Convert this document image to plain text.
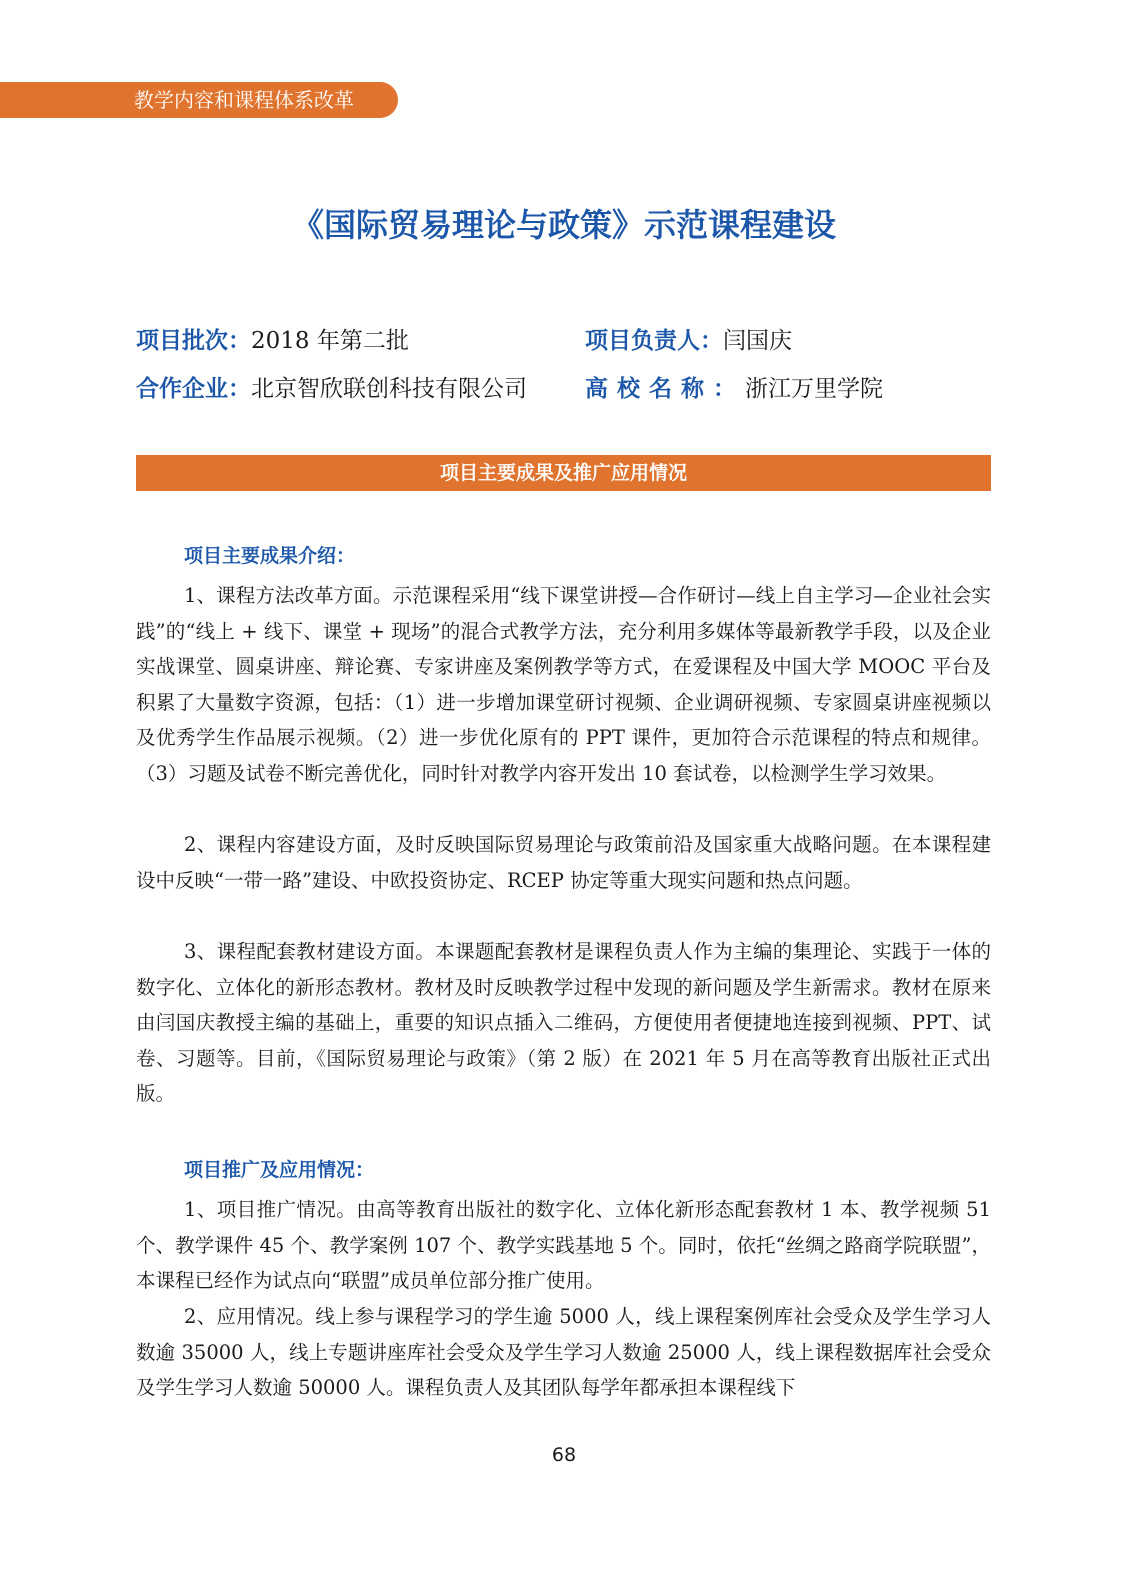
教学内容和课程体系改革
《国际贸易理论与政策》示范课程建设
项目批次：2018 年第二批	项目负责人：闫国庆
合作企业：北京智欣联创科技有限公司	高校名称：浙江万里学院
项目主要成果及推广应用情况
项目主要成果介绍：

1、课程方法改革方面。示范课程采用“线下课堂讲授—合作研讨—线上自主学习—企业社会实践”的“线上 + 线下、课堂 + 现场”的混合式教学方法，充分利用多媒体等最新教学手段，以及企业实战课堂、圆桌讲座、辩论赛、专家讲座及案例教学等方式，在爱课程及中国大学 MOOC 平台及积累了大量数字资源，包括：（1）进一步增加课堂研讨视频、企业调研视频、专家圆桌讲座视频以及优秀学生作品展示视频。（2）进一步优化原有的 PPT 课件，更加符合示范课程的特点和规律。（3）习题及试卷不断完善优化，同时针对教学内容开发出 10 套试卷，以检测学生学习效果。

2、课程内容建设方面，及时反映国际贸易理论与政策前沿及国家重大战略问题。在本课程建设中反映“一带一路”建设、中欧投资协定、RCEP 协定等重大现实问题和热点问题。

3、课程配套教材建设方面。本课题配套教材是课程负责人作为主编的集理论、实践于一体的数字化、立体化的新形态教材。教材及时反映教学过程中发现的新问题及学生新需求。教材在原来由闫国庆教授主编的基础上，重要的知识点插入二维码，方便使用者便捷地连接到视频、PPT、试卷、习题等。目前，《国际贸易理论与政策》（第 2 版）在 2021 年 5 月在高等教育出版社正式出版。

项目推广及应用情况：

1、项目推广情况。由高等教育出版社的数字化、立体化新形态配套教材 1 本、教学视频 51 个、教学课件 45 个、教学案例 107 个、教学实践基地 5 个。同时，依托“丝绸之路商学院联盟”，本课程已经作为试点向“联盟”成员单位部分推广使用。

2、应用情况。线上参与课程学习的学生逾 5000 人，线上课程案例库社会受众及学生学习人数逾 35000 人，线上专题讲座库社会受众及学生学习人数逾 25000 人，线上课程数据库社会受众及学生学习人数逾 50000 人。课程负责人及其团队每学年都承担本课程线下

68
